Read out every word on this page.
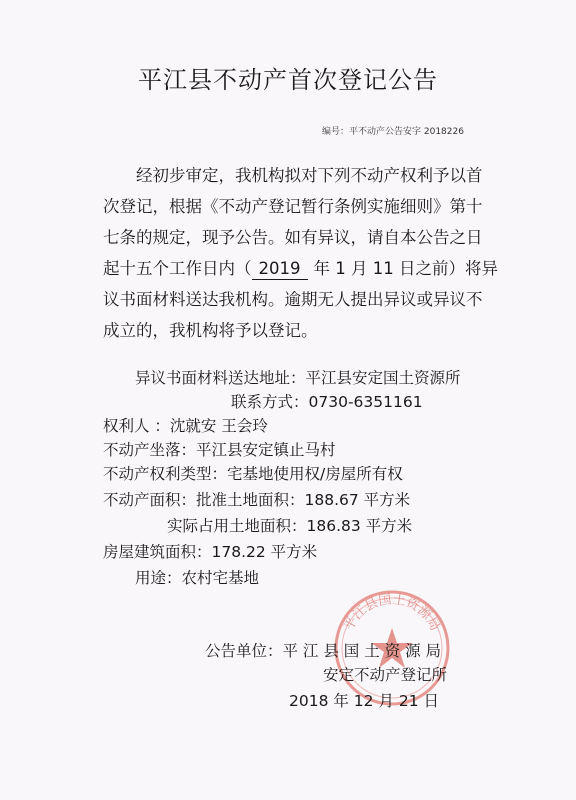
平江县不动产首次登记公告
编号：平不动产公告安字 2018226
经初步审定，我机构拟对下列不动产权利予以首
次登记，根据《不动产登记暂行条例实施细则》第十
七条的规定，现予公告。如有异议，请自本公告之日
起十五个工作日内（ 2019 年 1 月 11 日之前）将异
议书面材料送达我机构。逾期无人提出异议或异议不
成立的，我机构将予以登记。
异议书面材料送达地址：平江县安定国土资源所
联系方式：0730-6351161
权利人 ：沈就安 王会玲
不动产坐落：平江县安定镇止马村
不动产权利类型：宅基地使用权/房屋所有权
不动产面积：批准土地面积：188.67 平方米
实际占用土地面积：186.83 平方米
房屋建筑面积：178.22 平方米
用途：农村宅基地
平江县国土资源局
公告单位：平 江 县 国 土 资 源 局
安定不动产登记所
2018 年 12 月 21 日
